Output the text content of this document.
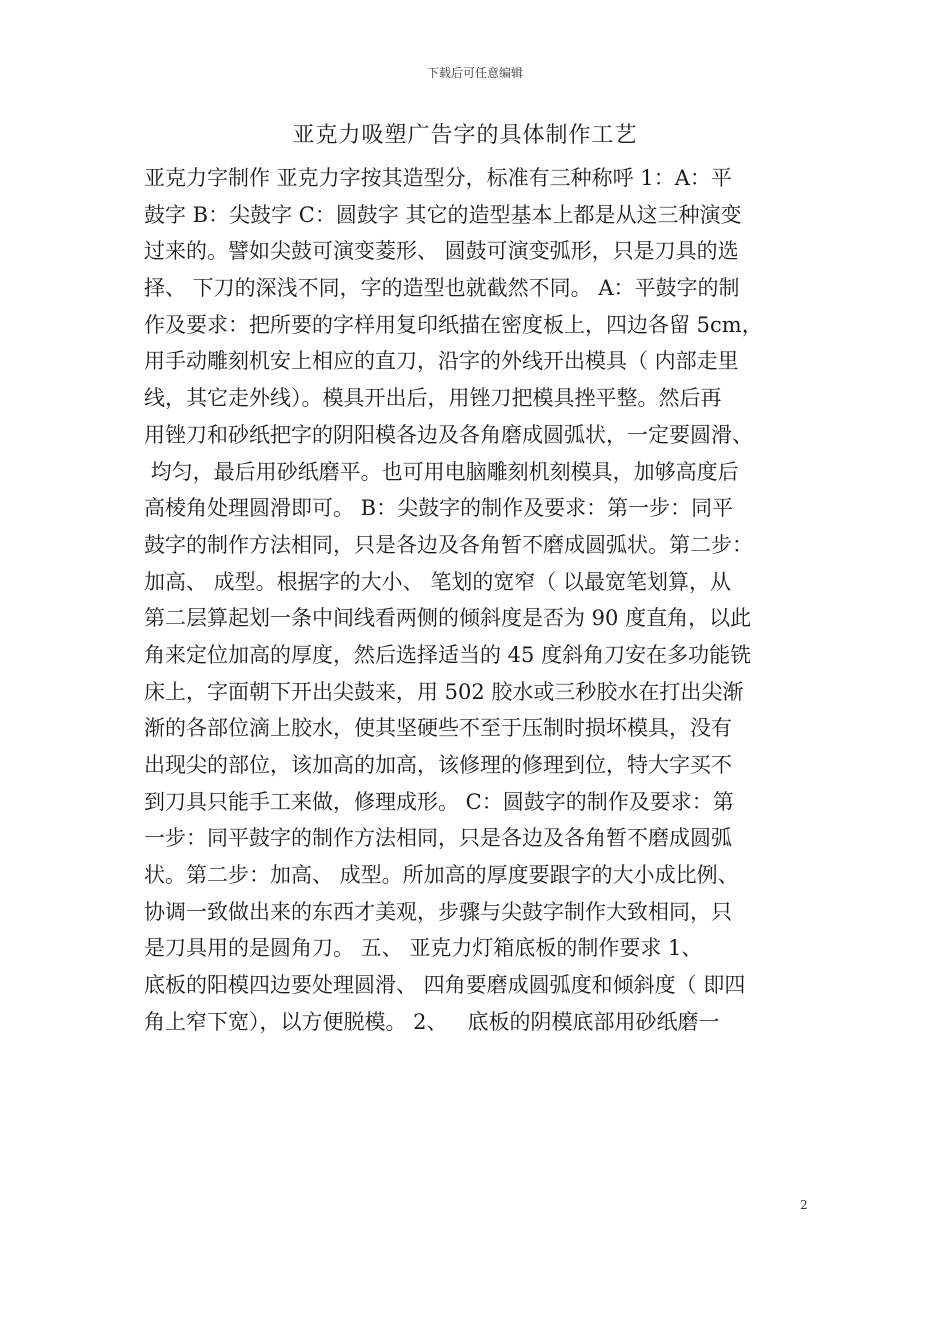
下载后可任意编辑
亚克力吸塑广告字的具体制作工艺
亚克力字制作 亚克力字按其造型分，标准有三种称呼 1：A：平
鼓字 B：尖鼓字 C：圆鼓字 其它的造型基本上都是从这三种演变
过来的。譬如尖鼓可演变菱形、 圆鼓可演变弧形，只是刀具的选
择、 下刀的深浅不同，字的造型也就截然不同。 A：平鼓字的制
作及要求：把所要的字样用复印纸描在密度板上，四边各留 5cm，
用手动雕刻机安上相应的直刀，沿字的外线开出模具（ 内部走里
线，其它走外线）。模具开出后，用锉刀把模具挫平整。然后再
用锉刀和砂纸把字的阴阳模各边及各角磨成圆弧状，一定要圆滑、
均匀，最后用砂纸磨平。也可用电脑雕刻机刻模具，加够高度后
高棱角处理圆滑即可。 B：尖鼓字的制作及要求：第一步：同平
鼓字的制作方法相同，只是各边及各角暂不磨成圆弧状。第二步：
加高、 成型。根据字的大小、 笔划的宽窄（ 以最宽笔划算，从
第二层算起划一条中间线看两侧的倾斜度是否为 90 度直角，以此
角来定位加高的厚度，然后选择适当的 45 度斜角刀安在多功能铣
床上，字面朝下开出尖鼓来，用 502 胶水或三秒胶水在打出尖渐
渐的各部位滴上胶水，使其坚硬些不至于压制时损坏模具，没有
出现尖的部位，该加高的加高，该修理的修理到位，特大字买不
到刀具只能手工来做，修理成形。 C：圆鼓字的制作及要求：第
一步：同平鼓字的制作方法相同，只是各边及各角暂不磨成圆弧
状。第二步：加高、 成型。所加高的厚度要跟字的大小成比例、
协调一致做出来的东西才美观，步骤与尖鼓字制作大致相同，只
是刀具用的是圆角刀。 五、 亚克力灯箱底板的制作要求 1、
底板的阳模四边要处理圆滑、 四角要磨成圆弧度和倾斜度（ 即四
角上窄下宽），以方便脱模。 2、   底板的阴模底部用砂纸磨一
2
